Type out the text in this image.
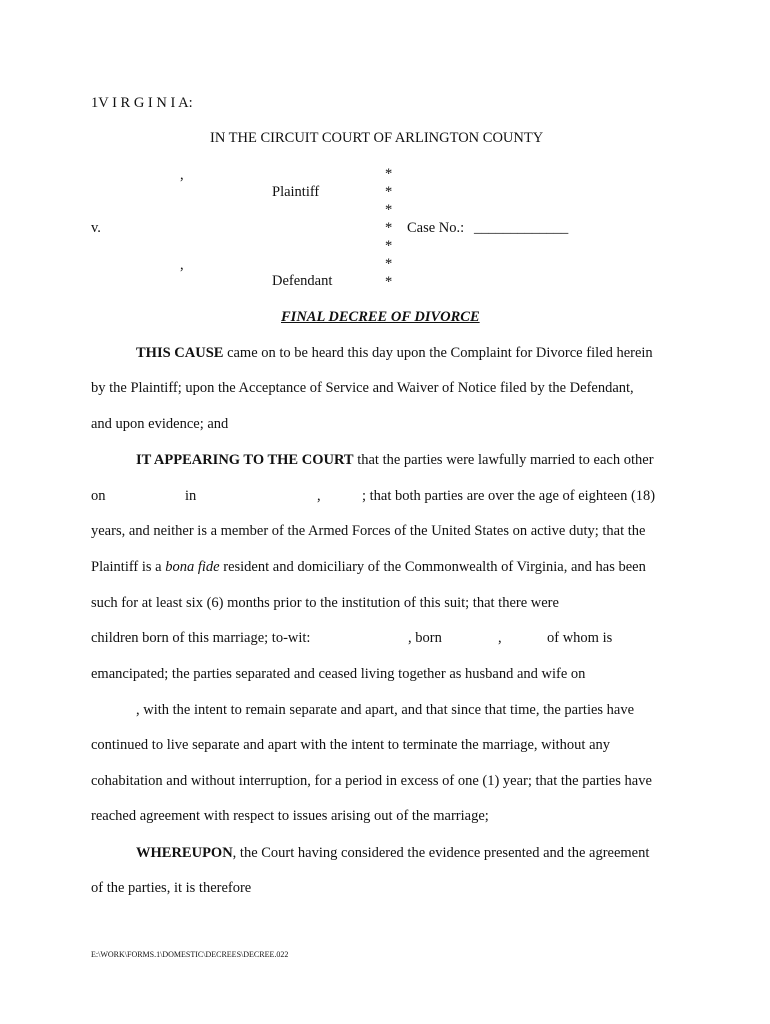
1V I R G I N I A:
IN THE CIRCUIT COURT OF ARLINGTON COUNTY
,
Plaintiff
v.
,
Defendant
*
*
*
*
*
*
*
Case No.: _____________
FINAL DECREE OF DIVORCE
THIS CAUSE came on to be heard this day upon the Complaint for Divorce filed herein
by the Plaintiff; upon the Acceptance of Service and Waiver of Notice filed by the Defendant,
and upon evidence; and
IT APPEARING TO THE COURT that the parties were lawfully married to each other
on	in	,	; that both parties are over the age of eighteen (18)
years, and neither is a member of the Armed Forces of the United States on active duty; that the
Plaintiff is a bona fide resident and domiciliary of the Commonwealth of Virginia, and has been
such for at least six (6) months prior to the institution of this suit; that there were
children born of this marriage; to-wit:	, born	,	of whom is
emancipated; the parties separated and ceased living together as husband and wife on
, with the intent to remain separate and apart, and that since that time, the parties have
continued to live separate and apart with the intent to terminate the marriage, without any
cohabitation and without interruption, for a period in excess of one (1) year; that the parties have
reached agreement with respect to issues arising out of the marriage;
WHEREUPON, the Court having considered the evidence presented and the agreement
of the parties, it is therefore
E:\WORK\FORMS.1\DOMESTIC\DECREES\DECREE.022
